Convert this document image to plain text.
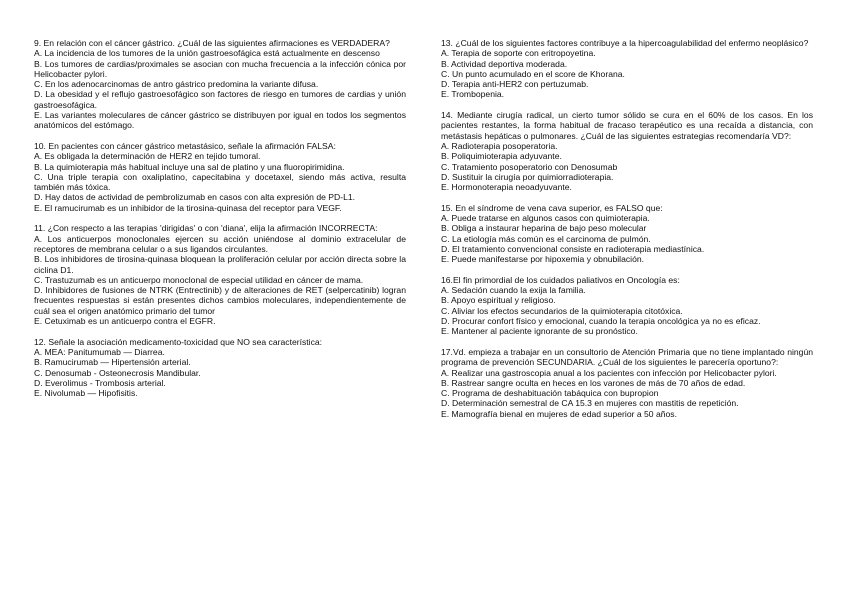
9. En relación con el cáncer gástrico. ¿Cuál de las siguientes afirmaciones es VERDADERA?

A. La incidencia de los tumores de la unión gastroesofágica está actualmente en descenso

B. Los tumores de cardias/proximales se asocian con mucha frecuencia a la infección cónica por Helicobacter pylori.

C. En los adenocarcinomas de antro gástrico predomina la variante difusa.

D. La obesidad y el reflujo gastroesofágico son factores de riesgo en tumores de cardias y unión gastroesofágica.

E. Las variantes moleculares de cáncer gástrico se distribuyen por igual en todos los segmentos anatómicos del estómago.

10. En pacientes con cáncer gástrico metastásico, señale la afirmación FALSA:

A. Es obligada la determinación de HER2 en tejido tumoral.

B. La quimioterapia más habitual incluye una sal de platino y una fluoropirimidina.

C. Una triple terapia con oxaliplatino, capecitabina y docetaxel, siendo más activa, resulta también más tóxica.

D. Hay datos de actividad de pembrolizumab en casos con alta expresión de PD-L1.

E. El ramucirumab es un inhibidor de la tirosina-quinasa del receptor para VEGF.

11. ¿Con respecto a las terapias 'dirigidas' o con 'diana', elija la afirmación INCORRECTA:

A. Los anticuerpos monoclonales ejercen su acción uniéndose al dominio extracelular de receptores de membrana celular o a sus ligandos circulantes.

B. Los inhibidores de tirosina-quinasa bloquean la proliferación celular por acción directa sobre la ciclina D1.

C. Trastuzumab es un anticuerpo monoclonal de especial utilidad en cáncer de mama.

D. Inhibidores de fusiones de NTRK (Entrectinib) y de alteraciones de RET (selpercatinib) logran frecuentes respuestas si están presentes dichos cambios moleculares, independientemente de cuál sea el origen anatómico primario del tumor

E. Cetuximab es un anticuerpo contra el EGFR.

12. Señale la asociación medicamento-toxicidad que NO sea característica:

A. MEA: Panitumumab — Diarrea.

B. Ramucirumab — Hipertensión arterial.

C. Denosumab - Osteonecrosis Mandibular.

D. Everolimus - Trombosis arterial.

E. Nivolumab — Hipofisitis.

13. ¿Cuál de los siguientes factores contribuye a la hipercoagulabilidad del enfermo neoplásico?

A. Terapia de soporte con eritropoyetina.

B. Actividad deportiva moderada.

C. Un punto acumulado en el score de Khorana.

D. Terapia anti-HER2 con pertuzumab.

E. Trombopenia.

14. Mediante cirugía radical, un cierto tumor sólido se cura en el 60% de los casos. En los pacientes restantes, la forma habitual de fracaso terapéutico es una recaída a distancia, con metástasis hepáticas o pulmonares. ¿Cuál de las siguientes estrategias recomendaría VD?:

A. Radioterapia posoperatoria.

B. Poliquimioterapia adyuvante.

C. Tratamiento posoperatorio con Denosumab

D. Sustituir la cirugía por quimiorradioterapia.

E. Hormonoterapia neoadyuvante.

15. En el síndrome de vena cava superior, es FALSO que:

A. Puede tratarse en algunos casos con quimioterapia.

B. Obliga a instaurar heparina de bajo peso molecular

C. La etiología más común es el carcinoma de pulmón.

D. El tratamiento convencional consiste en radioterapia mediastínica.

E. Puede manifestarse por hipoxemia y obnubilación.

16.El fin primordial de los cuidados paliativos en Oncología es:

A. Sedación cuando la exija la familia.

B. Apoyo espiritual y religioso.

C. Aliviar los efectos secundarios de la quimioterapia citotóxica.

D. Procurar confort físico y emocional, cuando la terapia oncológica ya no es eficaz.

E. Mantener al paciente ignorante de su pronóstico.

17.Vd. empieza a trabajar en un consultorio de Atención Primaria que no tiene implantado ningún programa de prevención SECUNDARIA. ¿Cuál de los siguientes le parecería oportuno?:

A. Realizar una gastroscopia anual a los pacientes con infección por Helicobacter pylori.

B. Rastrear sangre oculta en heces en los varones de más de 70 años de edad.

C. Programa de deshabituación tabáquica con bupropion

D. Determinación semestral de CA 15.3 en mujeres con mastitis de repetición.

E. Mamografía bienal en mujeres de edad superior a 50 años.
